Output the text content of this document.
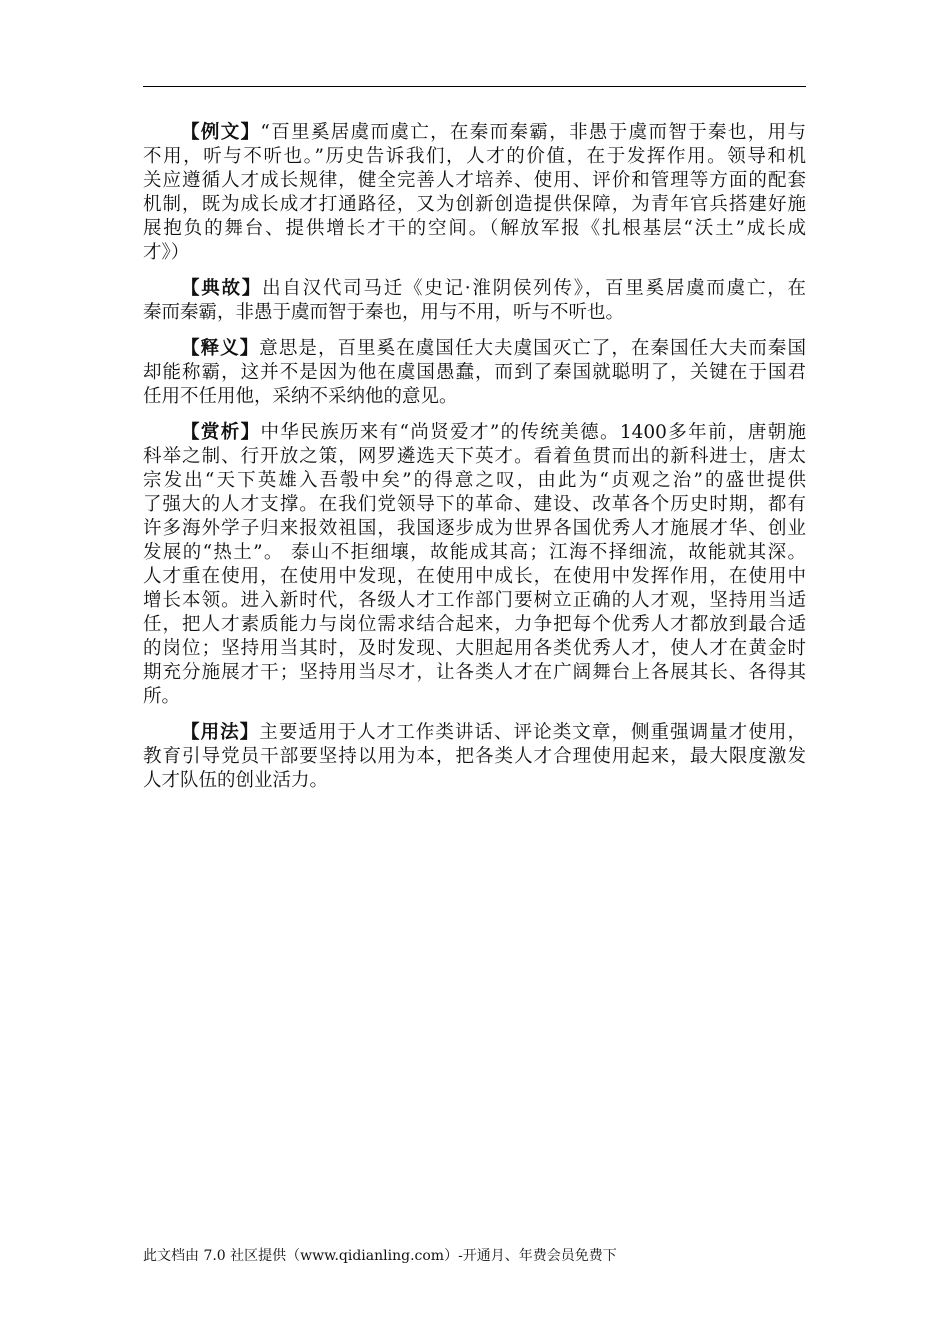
【例文】“百里奚居虞而虞亡，在秦而秦霸，非愚于虞而智于秦也，用与
不用，听与不听也。”历史告诉我们，人才的价值，在于发挥作用。领导和机
关应遵循人才成长规律，健全完善人才培养、使用、评价和管理等方面的配套
机制，既为成长成才打通路径，又为创新创造提供保障，为青年官兵搭建好施
展抱负的舞台、提供增长才干的空间。（解放军报《扎根基层“沃土”成长成
才》）
【典故】出自汉代司马迁《史记·淮阴侯列传》，百里奚居虞而虞亡，在
秦而秦霸，非愚于虞而智于秦也，用与不用，听与不听也。
【释义】意思是，百里奚在虞国任大夫虞国灭亡了，在秦国任大夫而秦国
却能称霸，这并不是因为他在虞国愚蠢，而到了秦国就聪明了，关键在于国君
任用不任用他，采纳不采纳他的意见。
【赏析】中华民族历来有“尚贤爱才”的传统美德。1400多年前，唐朝施
科举之制、行开放之策，网罗遴选天下英才。看着鱼贯而出的新科进士，唐太
宗发出“天下英雄入吾彀中矣”的得意之叹，由此为“贞观之治”的盛世提供
了强大的人才支撑。在我们党领导下的革命、建设、改革各个历史时期，都有
许多海外学子归来报效祖国，我国逐步成为世界各国优秀人才施展才华、创业
发展的“热土”。 泰山不拒细壤，故能成其高；江海不择细流，故能就其深。
人才重在使用，在使用中发现，在使用中成长，在使用中发挥作用，在使用中
增长本领。进入新时代，各级人才工作部门要树立正确的人才观，坚持用当适
任，把人才素质能力与岗位需求结合起来，力争把每个优秀人才都放到最合适
的岗位；坚持用当其时，及时发现、大胆起用各类优秀人才，使人才在黄金时
期充分施展才干；坚持用当尽才，让各类人才在广阔舞台上各展其长、各得其
所。
【用法】主要适用于人才工作类讲话、评论类文章，侧重强调量才使用，
教育引导党员干部要坚持以用为本，把各类人才合理使用起来，最大限度激发
人才队伍的创业活力。
此文档由 7.0 社区提供（www.qidianling.com）-开通月、年费会员免费下
